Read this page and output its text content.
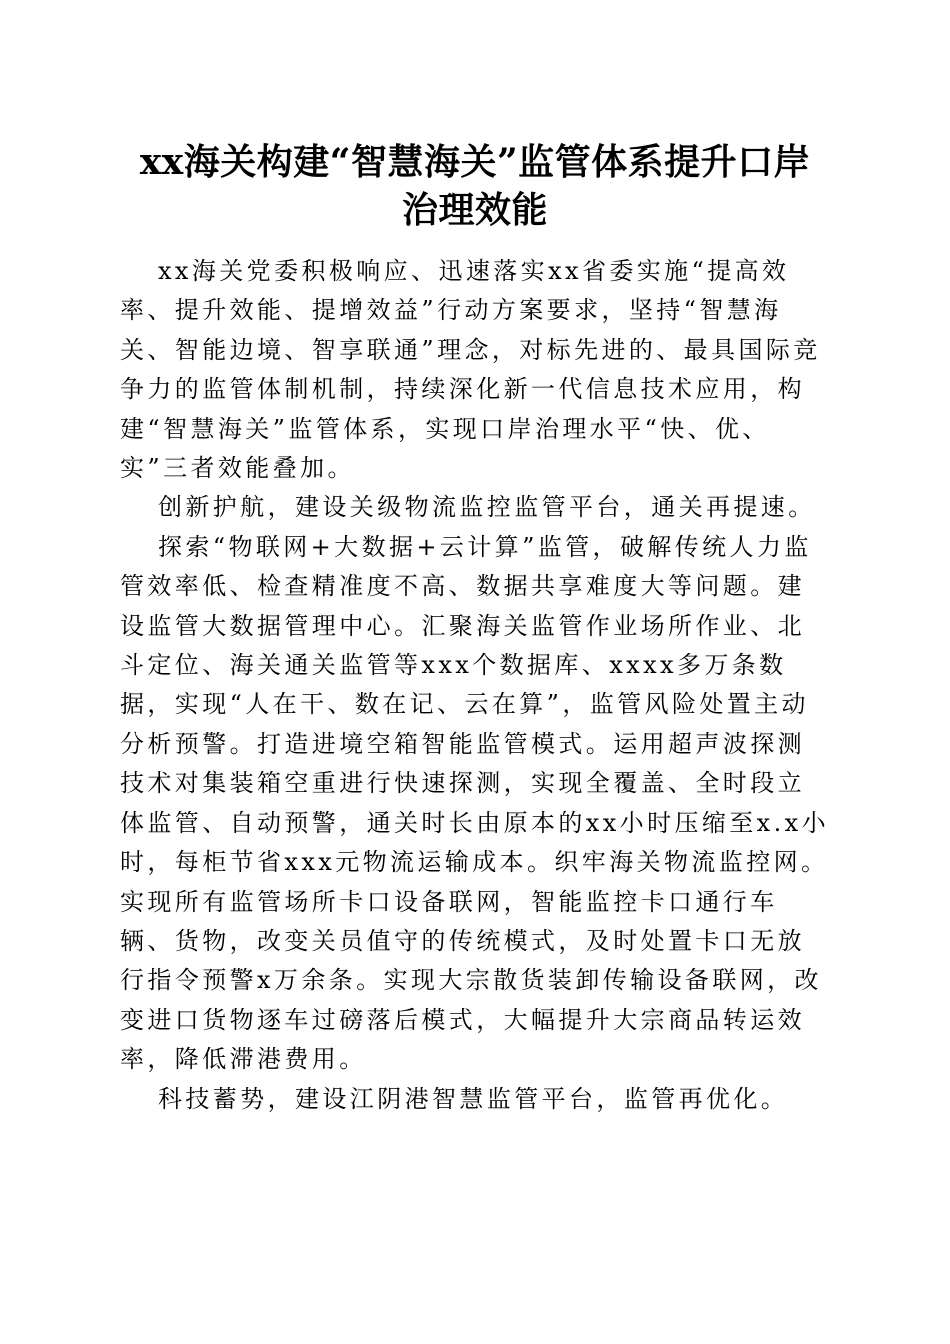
xx海关构建“智慧海关”监管体系提升口岸
治理效能

xx海关党委积极响应、迅速落实xx省委实施“提高效率、提升效能、提增效益”行动方案要求，坚持“智慧海关、智能边境、智享联通”理念，对标先进的、最具国际竞争力的监管体制机制，持续深化新一代信息技术应用，构建“智慧海关”监管体系，实现口岸治理水平“快、优、实”三者效能叠加。

创新护航，建设关级物流监控监管平台，通关再提速。

探索“物联网+大数据+云计算”监管，破解传统人力监管效率低、检查精准度不高、数据共享难度大等问题。建设监管大数据管理中心。汇聚海关监管作业场所作业、北斗定位、海关通关监管等xxx个数据库、xxxx多万条数据，实现“人在干、数在记、云在算”，监管风险处置主动分析预警。打造进境空箱智能监管模式。运用超声波探测技术对集装箱空重进行快速探测，实现全覆盖、全时段立体监管、自动预警，通关时长由原本的xx小时压缩至x.x小时，每柜节省xxx元物流运输成本。织牢海关物流监控网。实现所有监管场所卡口设备联网，智能监控卡口通行车辆、货物，改变关员值守的传统模式，及时处置卡口无放行指令预警x万余条。实现大宗散货装卸传输设备联网，改变进口货物逐车过磅落后模式，大幅提升大宗商品转运效率，降低滞港费用。

科技蓄势，建设江阴港智慧监管平台，监管再优化。
